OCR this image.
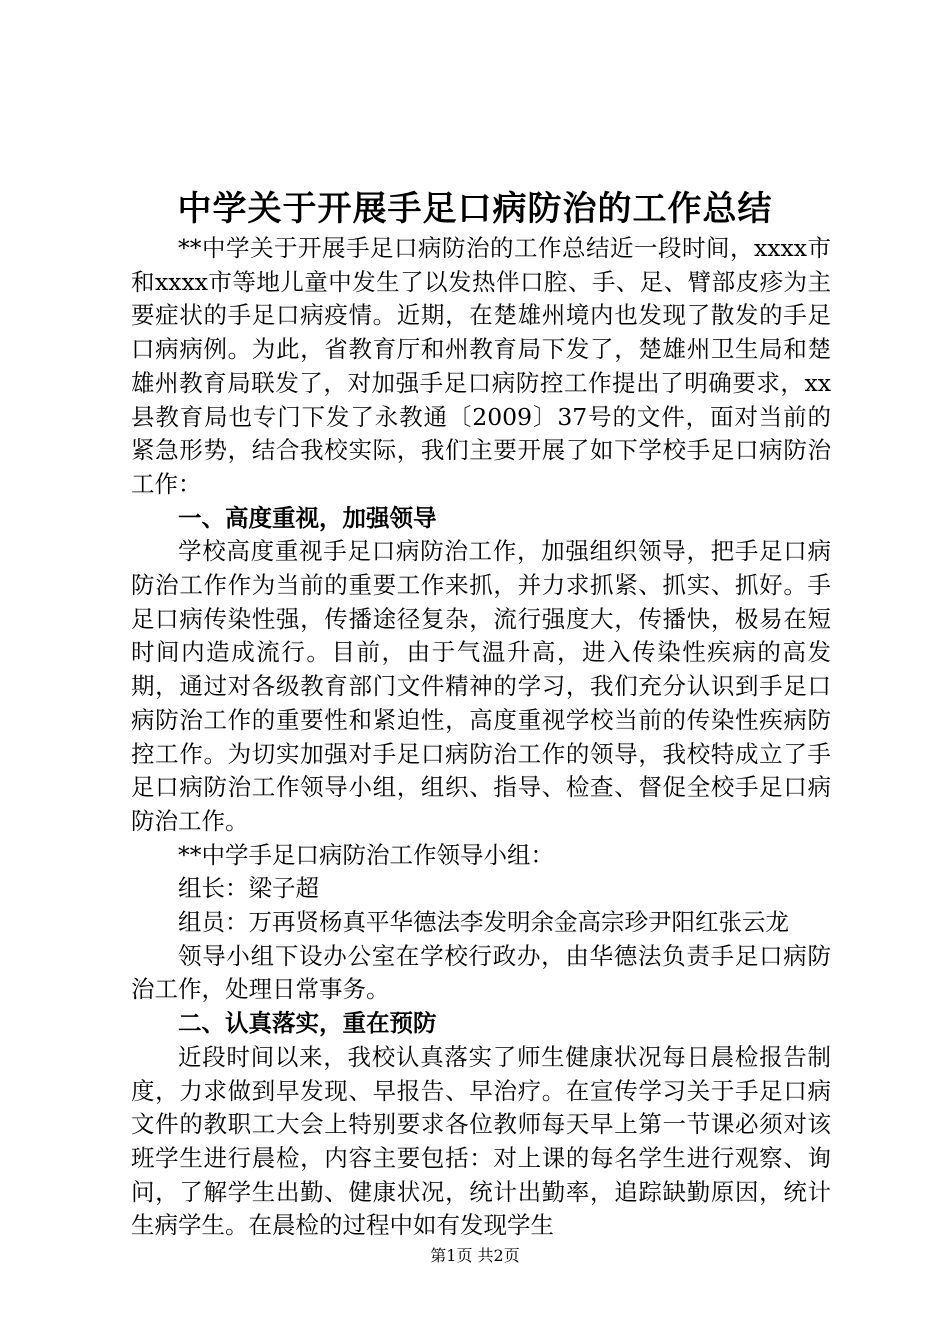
中学关于开展手足口病防治的工作总结

**中学关于开展手足口病防治的工作总结近一段时间，xxxx市和xxxx市等地儿童中发生了以发热伴口腔、手、足、臂部皮疹为主要症状的手足口病疫情。近期，在楚雄州境内也发现了散发的手足口病病例。为此，省教育厅和州教育局下发了，楚雄州卫生局和楚雄州教育局联发了，对加强手足口病防控工作提出了明确要求，xx县教育局也专门下发了永教通〔2009〕37号的文件，面对当前的紧急形势，结合我校实际，我们主要开展了如下学校手足口病防治工作：

一、高度重视，加强领导

学校高度重视手足口病防治工作，加强组织领导，把手足口病防治工作作为当前的重要工作来抓，并力求抓紧、抓实、抓好。手足口病传染性强，传播途径复杂，流行强度大，传播快，极易在短时间内造成流行。目前，由于气温升高，进入传染性疾病的高发期，通过对各级教育部门文件精神的学习，我们充分认识到手足口病防治工作的重要性和紧迫性，高度重视学校当前的传染性疾病防控工作。为切实加强对手足口病防治工作的领导，我校特成立了手足口病防治工作领导小组，组织、指导、检查、督促全校手足口病防治工作。

**中学手足口病防治工作领导小组：

组长：梁子超

组员：万再贤杨真平华德法李发明余金高宗珍尹阳红张云龙

领导小组下设办公室在学校行政办，由华德法负责手足口病防治工作，处理日常事务。

二、认真落实，重在预防

近段时间以来，我校认真落实了师生健康状况每日晨检报告制度，力求做到早发现、早报告、早治疗。在宣传学习关于手足口病文件的教职工大会上特别要求各位教师每天早上第一节课必须对该班学生进行晨检，内容主要包括：对上课的每名学生进行观察、询问，了解学生出勤、健康状况，统计出勤率，追踪缺勤原因，统计生病学生。在晨检的过程中如有发现学生

第1页 共2页
